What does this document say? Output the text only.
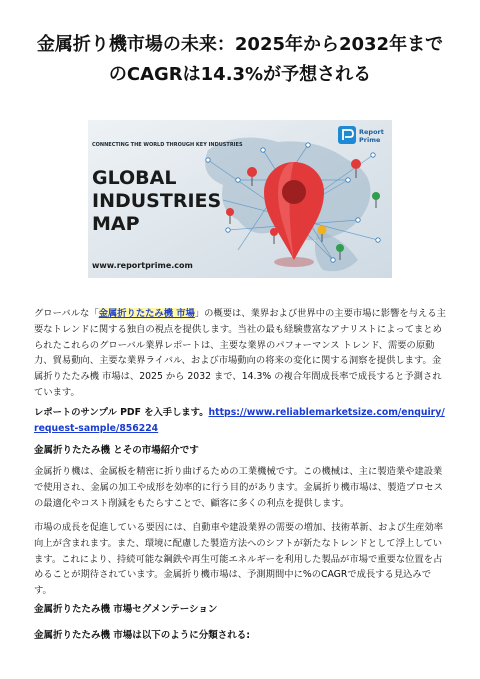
金属折り機市場の未来：2025年から2032年まで
のCAGRは14.3%が予想される
Report
Prime
CONNECTING THE WORLD THROUGH KEY INDUSTRIES
GLOBAL
INDUSTRIES
MAP
www.reportprime.com

グローバルな「金属折りたたみ機 市場」の概要は、業界および世界中の主要市場に影響を与える主要なトレンドに関する独自の視点を提供します。当社の最も経験豊富なアナリストによってまとめられたこれらのグローバル業界レポートは、主要な業界のパフォーマンス トレンド、需要の原動力、貿易動向、主要な業界ライバル、および市場動向の将来の変化に関する洞察を提供します。金属折りたたみ機 市場は、2025 から 2032 まで、14.3% の複合年間成長率で成長すると予測されています。

レポートのサンプル PDF を入手します。https://www.reliablemarketsize.com/enquiry/request-sample/856224

金属折りたたみ機 とその市場紹介です

金属折り機は、金属板を精密に折り曲げるための工業機械です。この機械は、主に製造業や建設業で使用され、金属の加工や成形を効率的に行う目的があります。金属折り機市場は、製造プロセスの最適化やコスト削減をもたらすことで、顧客に多くの利点を提供します。

市場の成長を促進している要因には、自動車や建設業界の需要の増加、技術革新、および生産効率向上が含まれます。また、環境に配慮した製造方法へのシフトが新たなトレンドとして浮上しています。これにより、持続可能な鋼鉄や再生可能エネルギーを利用した製品が市場で重要な位置を占めることが期待されています。金属折り機市場は、予測期間中に%のCAGRで成長する見込みです。

金属折りたたみ機 市場セグメンテーション

金属折りたたみ機 市場は以下のように分類される:
